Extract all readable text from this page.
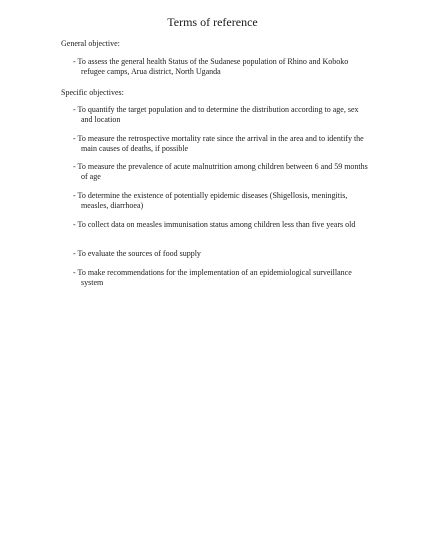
Terms of reference

General objective:

- To assess the general health Status of the Sudanese population of Rhino and Koboko refugee camps, Arua district, North Uganda

Specific objectives:

- To quantify the target population and to determine the distribution according to age, sex and location

- To measure the retrospective mortality rate since the arrival in the area and to identify the main causes of deaths, if possible

- To measure the prevalence of acute malnutrition among children between 6 and 59 months of age

- To determine the existence of potentially epidemic diseases (Shigellosis, meningitis, measles, diarrhoea)

- To collect data on measles immunisation status among children less than five years old

- To evaluate the sources of food supply

- To make recommendations for the implementation of an epidemiological surveillance system
